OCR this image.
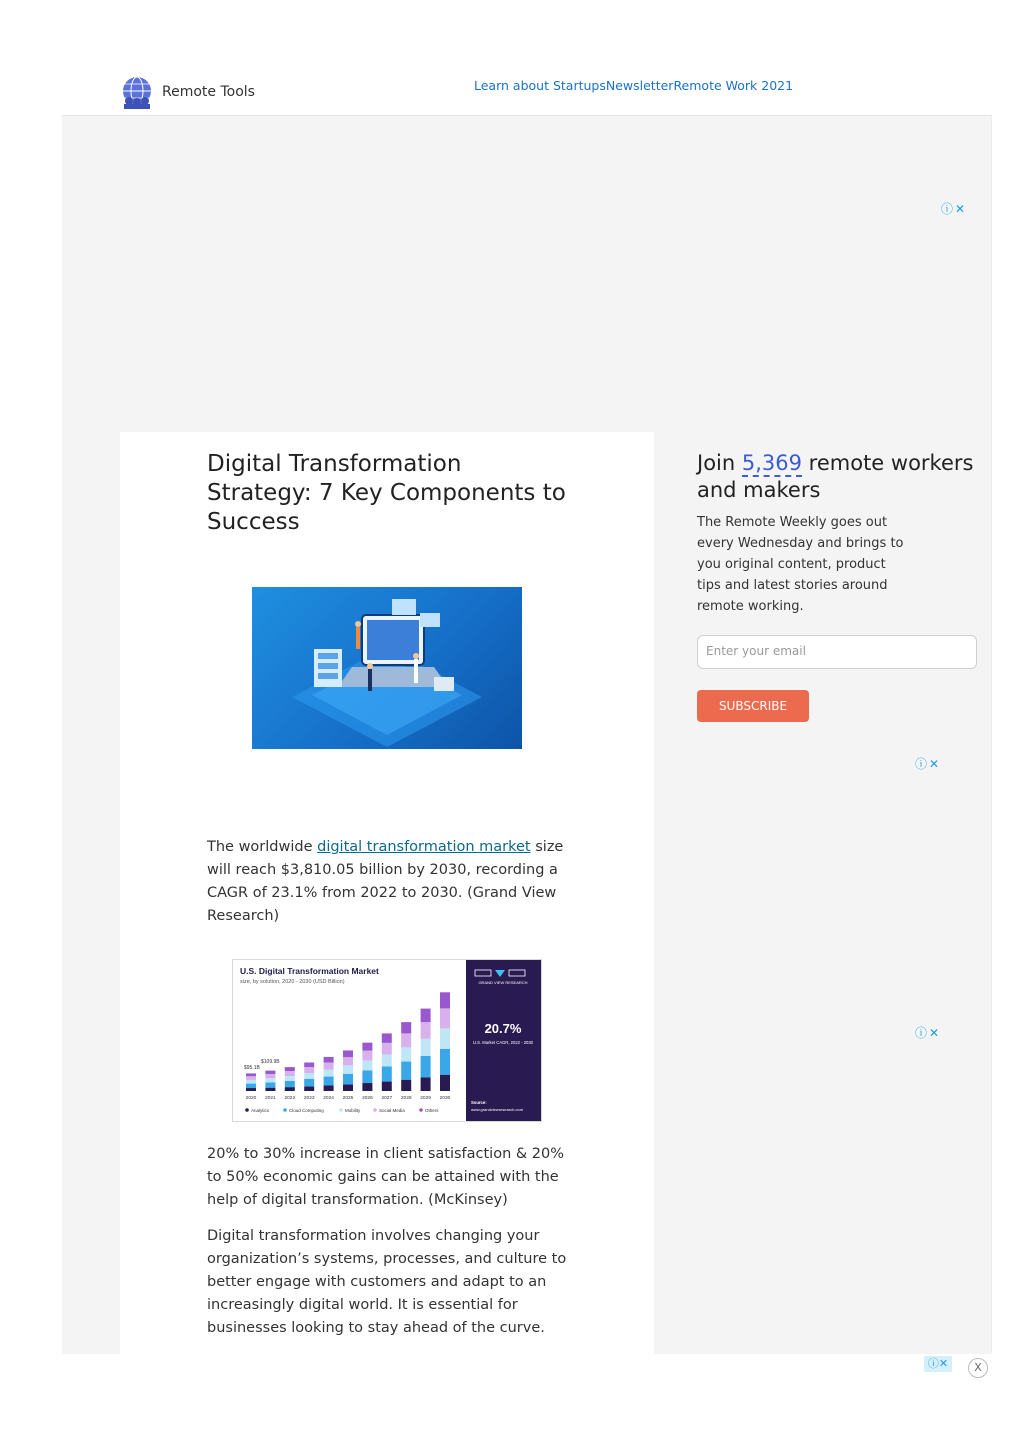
Remote Tools	Learn about StartupsNewsletterRemote Work 2021
ⓘ✕
Digital Transformation Strategy: 7 Key Components to Success

The worldwide digital transformation market size will reach $3,810.05 billion by 2030, recording a CAGR of 23.1% from 2022 to 2030. (Grand View Research)

U.S. Digital Transformation Market
size, by solution, 2020 - 2030 (USD Billion)
2020 2021 2022 2023 2024 2025 2026 2027 2028 2029 2030
$95.1B
$109.9B
Analytics	Cloud Computing	Mobility	Social Media	Others
GRAND VIEW RESEARCH
20.7%
U.S. Market CAGR, 2022 - 2030
Source:
www.grandviewresearch.com

20% to 30% increase in client satisfaction & 20% to 50% economic gains can be attained with the help of digital transformation. (McKinsey)

Digital transformation involves changing your organization’s systems, processes, and culture to better engage with customers and adapt to an increasingly digital world. It is essential for businesses looking to stay ahead of the curve.

Join 5,369 remote workers and makers

The Remote Weekly goes out every Wednesday and brings to you original content, product tips and latest stories around remote working.

Enter your email
SUBSCRIBE
ⓘ✕
ⓘ✕
ⓘ✕	X
